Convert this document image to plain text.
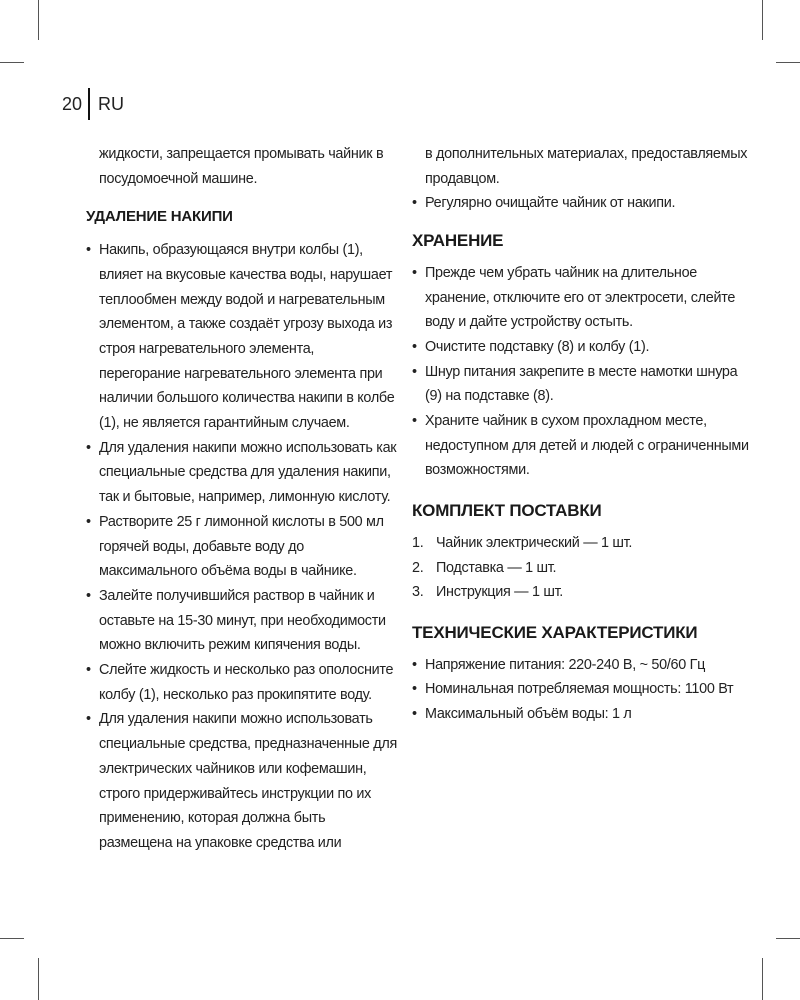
20 RU

жидкости, запрещается промывать чайник в посудомоечной машине.

УДАЛЕНИЕ НАКИПИ
• Накипь, образующаяся внутри колбы (1), влияет на вкусовые качества воды, нарушает теплообмен между водой и нагревательным элементом, а также создаёт угрозу выхода из строя нагревательного элемента, перегорание нагревательного элемента при наличии большого количества накипи в колбе (1), не является гарантийным случаем.
• Для удаления накипи можно использовать как специальные средства для удаления накипи, так и бытовые, например, лимонную кислоту.
• Растворите 25 г лимонной кислоты в 500 мл горячей воды, добавьте воду до максимального объёма воды в чайнике.
• Залейте получившийся раствор в чайник и оставьте на 15-30 минут, при необходимости можно включить режим кипячения воды.
• Слейте жидкость и несколько раз ополосните колбу (1), несколько раз прокипятите воду.
• Для удаления накипи можно использовать специальные средства, предназначенные для электрических чайников или кофемашин, строго придерживайтесь инструкции по их применению, которая должна быть размещена на упаковке средства или

в дополнительных материалах, предоставляемых продавцом.

• Регулярно очищайте чайник от накипи.
ХРАНЕНИЕ
• Прежде чем убрать чайник на длительное хранение, отключите его от электросети, слейте воду и дайте устройству остыть.
• Очистите подставку (8) и колбу (1).
• Шнур питания закрепите в месте намотки шнура (9) на подставке (8).
• Храните чайник в сухом прохладном месте, недоступном для детей и людей с ограниченными возможностями.
КОМПЛЕКТ ПОСТАВКИ
1. Чайник электрический — 1 шт.
2. Подставка — 1 шт.
3. Инструкция — 1 шт.
ТЕХНИЧЕСКИЕ ХАРАКТЕРИСТИКИ
• Напряжение питания: 220-240 В, ~ 50/60 Гц
• Номинальная потребляемая мощность: 1100 Вт
• Максимальный объём воды: 1 л
